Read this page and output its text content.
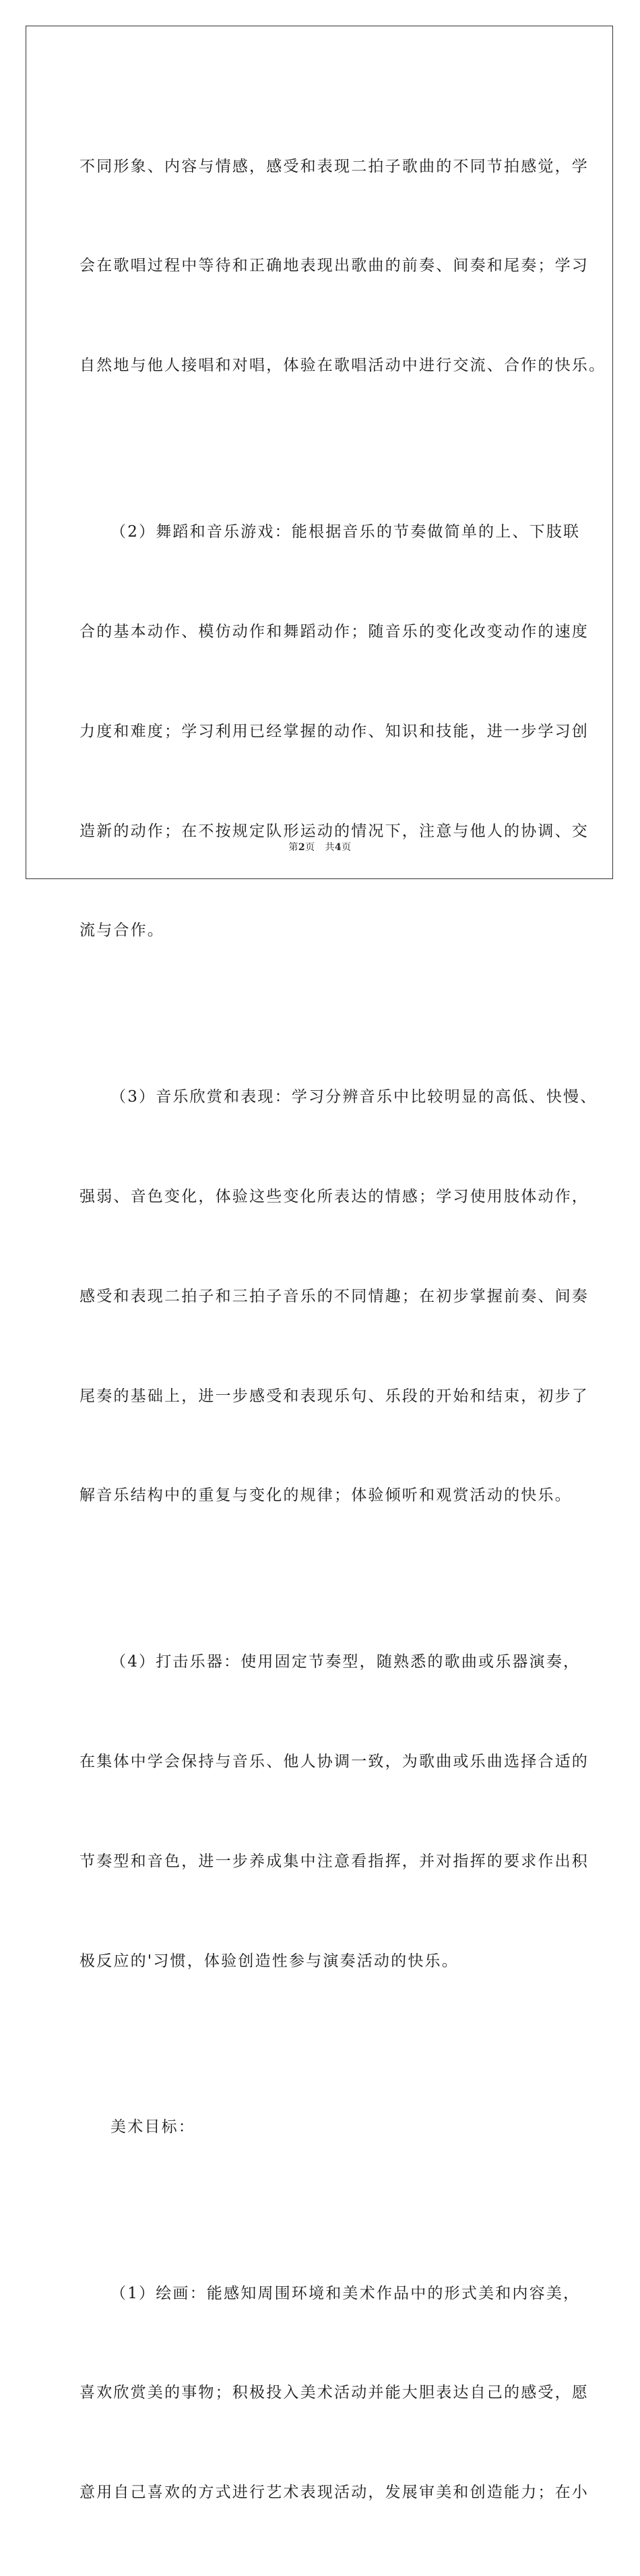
不同形象、内容与情感，感受和表现二拍子歌曲的不同节拍感觉，学

会在歌唱过程中等待和正确地表现出歌曲的前奏、间奏和尾奏；学习

自然地与他人接唱和对唱，体验在歌唱活动中进行交流、合作的快乐。

（2）舞蹈和音乐游戏：能根据音乐的节奏做简单的上、下肢联

合的基本动作、模仿动作和舞蹈动作；随音乐的变化改变动作的速度

力度和难度；学习利用已经掌握的动作、知识和技能，进一步学习创

造新的动作；在不按规定队形运动的情况下，注意与他人的协调、交

流与合作。

（3）音乐欣赏和表现：学习分辨音乐中比较明显的高低、快慢、

强弱、音色变化，体验这些变化所表达的情感；学习使用肢体动作，

感受和表现二拍子和三拍子音乐的不同情趣；在初步掌握前奏、间奏

尾奏的基础上，进一步感受和表现乐句、乐段的开始和结束，初步了

解音乐结构中的重复与变化的规律；体验倾听和观赏活动的快乐。

（4）打击乐器：使用固定节奏型，随熟悉的歌曲或乐器演奏，

在集体中学会保持与音乐、他人协调一致，为歌曲或乐曲选择合适的

节奏型和音色，进一步养成集中注意看指挥，并对指挥的要求作出积

极反应的'习惯，体验创造性参与演奏活动的快乐。

美术目标：

（1）绘画：能感知周围环境和美术作品中的形式美和内容美，

喜欢欣赏美的事物；积极投入美术活动并能大胆表达自己的感受，愿

意用自己喜欢的方式进行艺术表现活动，发展审美和创造能力；在小

第2页 共4页
